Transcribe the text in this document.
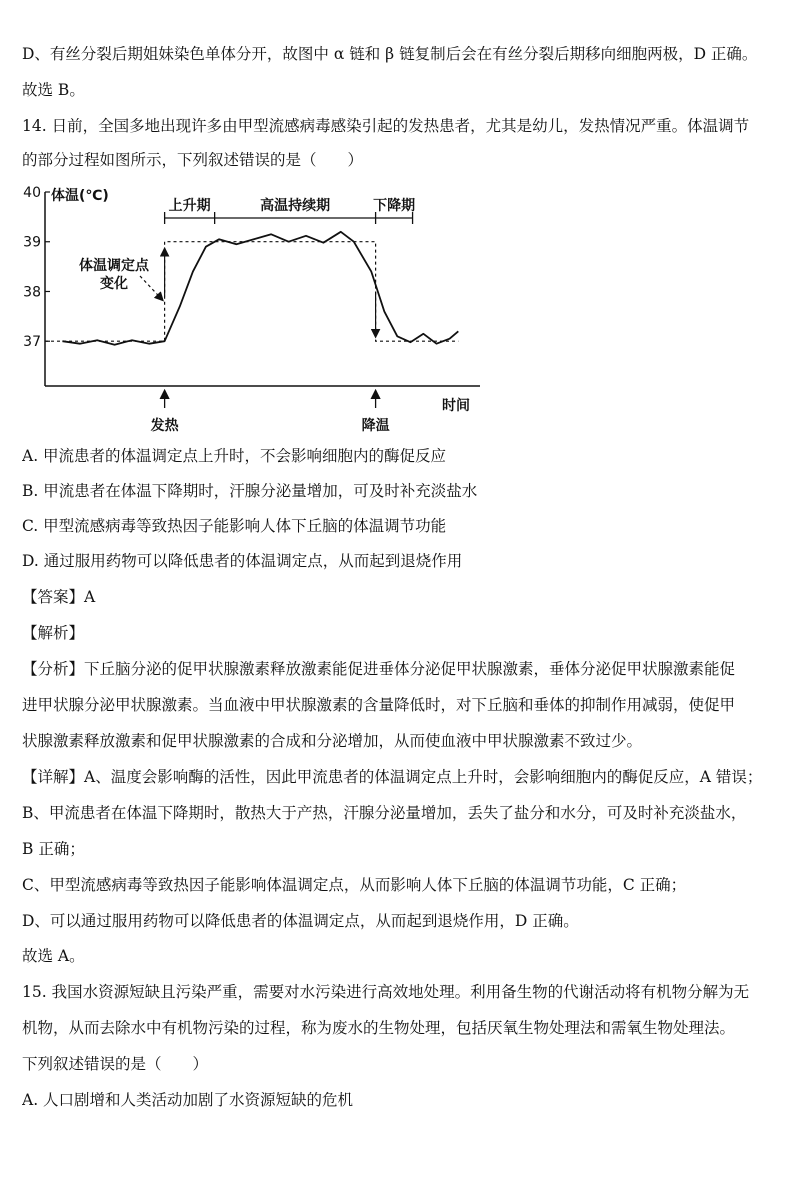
D、有丝分裂后期姐妹染色单体分开，故图中 α 链和 β 链复制后会在有丝分裂后期移向细胞两极，D 正确。
故选 B。
14. 日前，全国多地出现许多由甲型流感病毒感染引起的发热患者，尤其是幼儿，发热情况严重。体温调节
的部分过程如图所示，下列叙述错误的是（　　）
体温(℃)
时间
40
39
38
37
上升期	高温持续期	下降期
体温调定点
变化
发热	降温
A. 甲流患者的体温调定点上升时，不会影响细胞内的酶促反应
B. 甲流患者在体温下降期时，汗腺分泌量增加，可及时补充淡盐水
C. 甲型流感病毒等致热因子能影响人体下丘脑的体温调节功能
D. 通过服用药物可以降低患者的体温调定点，从而起到退烧作用
【答案】A
【解析】
【分析】下丘脑分泌的促甲状腺激素释放激素能促进垂体分泌促甲状腺激素，垂体分泌促甲状腺激素能促
进甲状腺分泌甲状腺激素。当血液中甲状腺激素的含量降低时，对下丘脑和垂体的抑制作用减弱，使促甲
状腺激素释放激素和促甲状腺激素的合成和分泌增加，从而使血液中甲状腺激素不致过少。
【详解】A、温度会影响酶的活性，因此甲流患者的体温调定点上升时，会影响细胞内的酶促反应，A 错误；
B、甲流患者在体温下降期时，散热大于产热，汗腺分泌量增加，丢失了盐分和水分，可及时补充淡盐水，
B 正确；
C、甲型流感病毒等致热因子能影响体温调定点，从而影响人体下丘脑的体温调节功能，C 正确；
D、可以通过服用药物可以降低患者的体温调定点，从而起到退烧作用，D 正确。
故选 A。
15. 我国水资源短缺且污染严重，需要对水污染进行高效地处理。利用备生物的代谢活动将有机物分解为无
机物，从而去除水中有机物污染的过程，称为废水的生物处理，包括厌氧生物处理法和需氧生物处理法。
下列叙述错误的是（　　）
A. 人口剧增和人类活动加剧了水资源短缺的危机
